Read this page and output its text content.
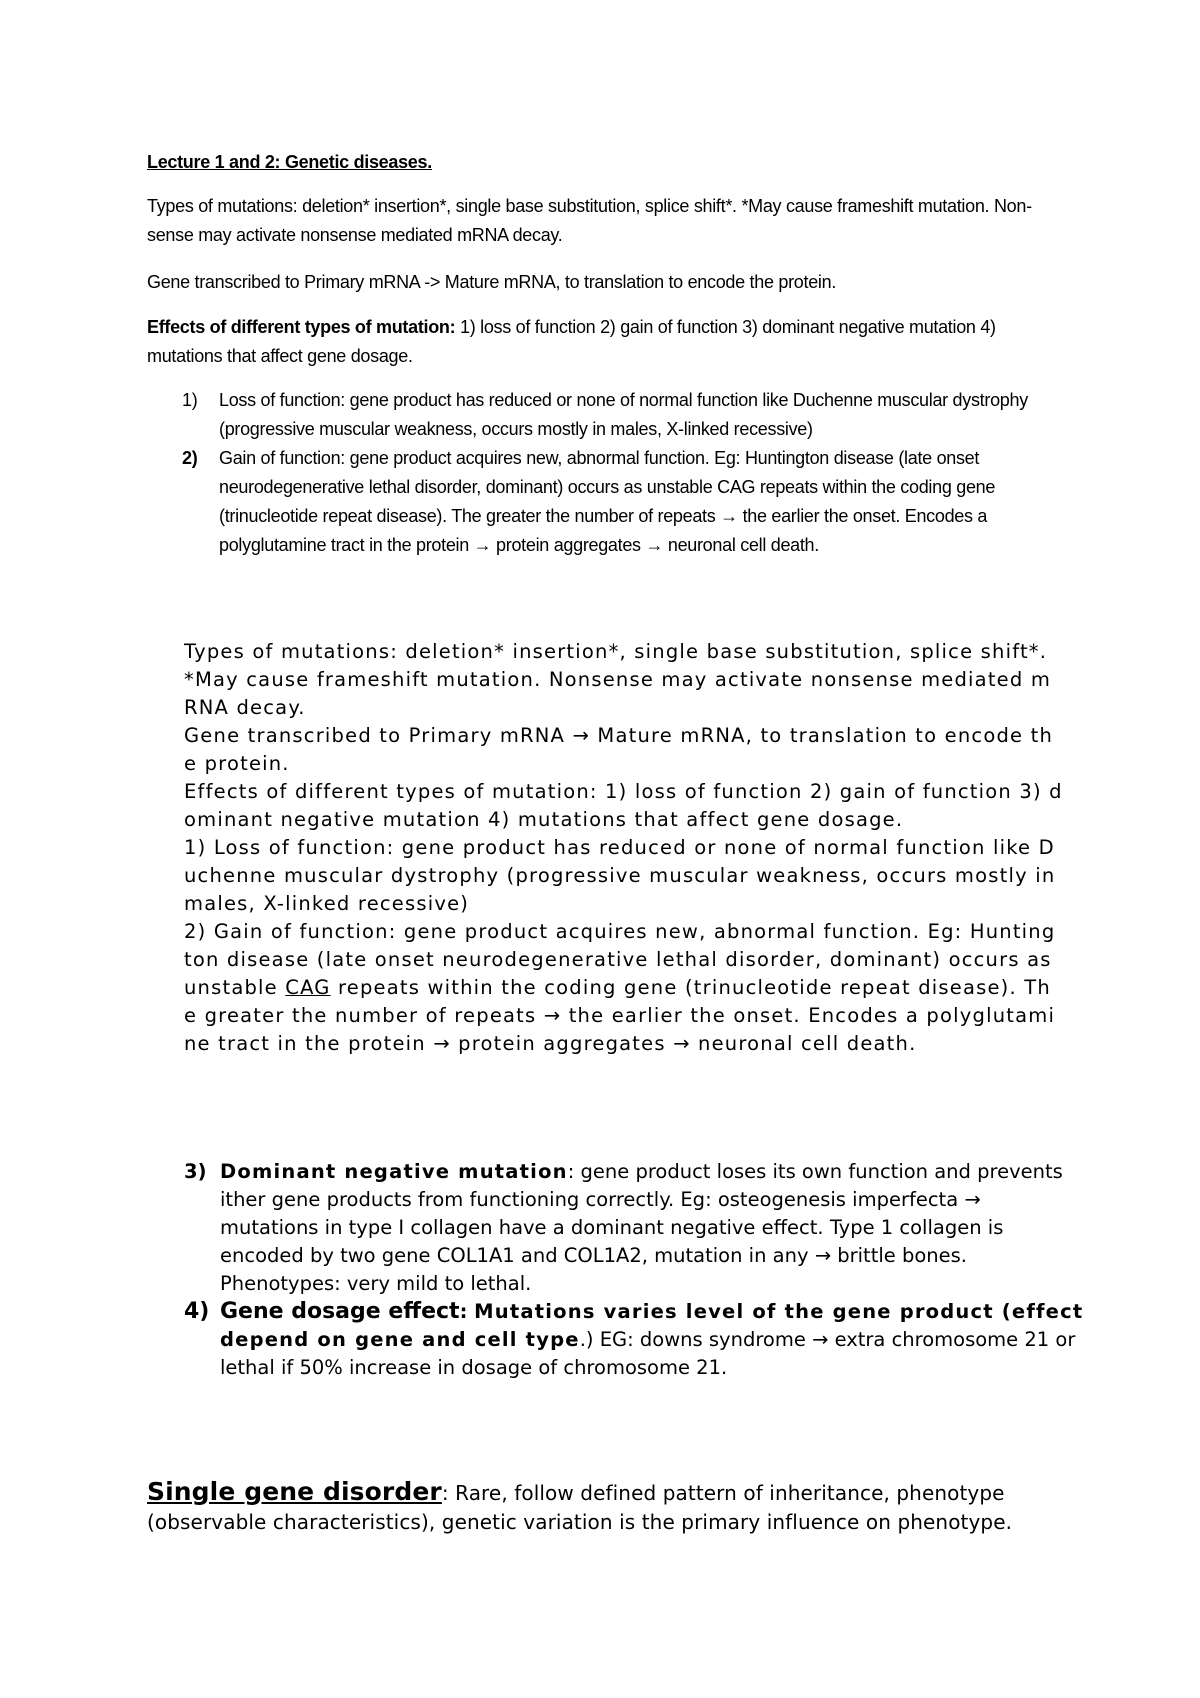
Lecture 1 and 2: Genetic diseases.

Types of mutations: deletion* insertion*, single base substitution, splice shift*. *May cause frameshift mutation. Non-sense may activate nonsense mediated mRNA decay.

Gene transcribed to Primary mRNA -> Mature mRNA, to translation to encode the protein.

Effects of different types of mutation: 1) loss of function 2) gain of function 3) dominant negative mutation 4) mutations that affect gene dosage.

1) Loss of function: gene product has reduced or none of normal function like Duchenne muscular dystrophy (progressive muscular weakness, occurs mostly in males, X-linked recessive)

2) Gain of function: gene product acquires new, abnormal function. Eg: Huntington disease (late onset neurodegenerative lethal disorder, dominant) occurs as unstable CAG repeats within the coding gene (trinucleotide repeat disease). The greater the number of repeats → the earlier the onset. Encodes a polyglutamine tract in the protein → protein aggregates → neuronal cell death.

Types of mutations: deletion* insertion*, single base substitution, splice shift*.

*May cause frameshift mutation. Nonsense may activate nonsense mediated mRNA decay.

Gene transcribed to Primary mRNA → Mature mRNA, to translation to encode the protein.

Effects of different types of mutation: 1) loss of function 2) gain of function 3) dominant negative mutation 4) mutations that affect gene dosage.

1) Loss of function: gene product has reduced or none of normal function like Duchenne muscular dystrophy (progressive muscular weakness, occurs mostly in males, X-linked recessive)

2) Gain of function: gene product acquires new, abnormal function. Eg: Huntington disease (late onset neurodegenerative lethal disorder, dominant) occurs as unstable CAG repeats within the coding gene (trinucleotide repeat disease). The greater the number of repeats → the earlier the onset. Encodes a polyglutamine tract in the protein → protein aggregates → neuronal cell death.

3) Dominant negative mutation: gene product loses its own function and prevents ither gene products from functioning correctly. Eg: osteogenesis imperfecta → mutations in type I collagen have a dominant negative effect. Type 1 collagen is encoded by two gene COL1A1 and COL1A2, mutation in any → brittle bones. Phenotypes: very mild to lethal.

4) Gene dosage effect: Mutations varies level of the gene product (effect depend on gene and cell type.) EG: downs syndrome → extra chromosome 21 or lethal if 50% increase in dosage of chromosome 21.

Single gene disorder: Rare, follow defined pattern of inheritance, phenotype (observable characteristics), genetic variation is the primary influence on phenotype.
